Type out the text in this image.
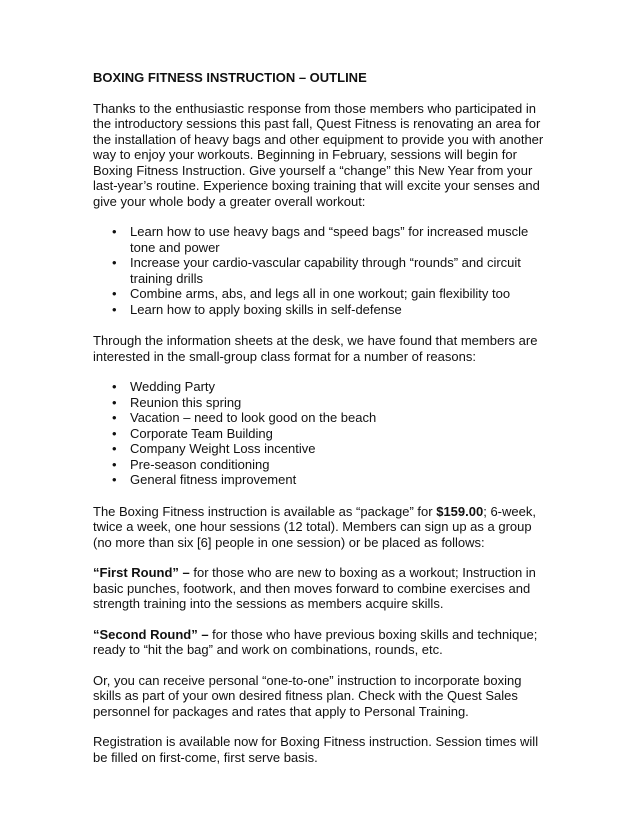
BOXING FITNESS INSTRUCTION – OUTLINE

Thanks to the enthusiastic response from those members who participated in the introductory sessions this past fall, Quest Fitness is renovating an area for the installation of heavy bags and other equipment to provide you with another way to enjoy your workouts. Beginning in February, sessions will begin for Boxing Fitness Instruction. Give yourself a “change” this New Year from your last-year’s routine. Experience boxing training that will excite your senses and give your whole body a greater overall workout:

• Learn how to use heavy bags and “speed bags” for increased muscle tone and power
• Increase your cardio-vascular capability through “rounds” and circuit training drills
• Combine arms, abs, and legs all in one workout; gain flexibility too
• Learn how to apply boxing skills in self-defense

Through the information sheets at the desk, we have found that members are interested in the small-group class format for a number of reasons:

• Wedding Party
• Reunion this spring
• Vacation – need to look good on the beach
• Corporate Team Building
• Company Weight Loss incentive
• Pre-season conditioning
• General fitness improvement

The Boxing Fitness instruction is available as “package” for $159.00; 6-week, twice a week, one hour sessions (12 total). Members can sign up as a group (no more than six [6] people in one session) or be placed as follows:

“First Round” – for those who are new to boxing as a workout; Instruction in basic punches, footwork, and then moves forward to combine exercises and strength training into the sessions as members acquire skills.

“Second Round” – for those who have previous boxing skills and technique; ready to “hit the bag” and work on combinations, rounds, etc.

Or, you can receive personal “one-to-one” instruction to incorporate boxing skills as part of your own desired fitness plan. Check with the Quest Sales personnel for packages and rates that apply to Personal Training.

Registration is available now for Boxing Fitness instruction. Session times will be filled on first-come, first serve basis.
